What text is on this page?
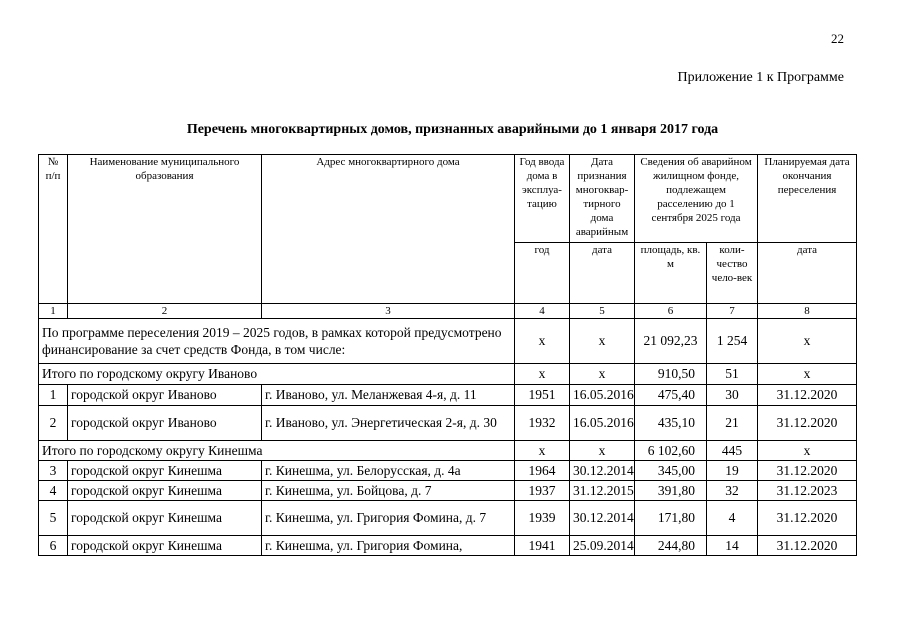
22
Приложение 1 к Программе
Перечень многоквартирных домов, признанных аварийными до 1 января 2017 года
№ п/п	Наименование муниципального образования	Адрес многоквартирного дома	Год ввода дома в эксплуа-тацию	Дата признания многоквар-тирного дома аварийным	Сведения об аварийном жилищном фонде, подлежащем расселению до 1 сентября 2025 года		Планируемая дата окончания переселения
			год	дата	площадь, кв. м	коли-чество чело-век	дата
1	2	3	4	5	6	7	8
По программе переселения 2019 – 2025 годов, в рамках которой предусмотрено финансирование за счет средств Фонда, в том числе:			x	x	21 092,23	1 254	x
Итого по городскому округу Иваново			x	x	910,50	51	x
1	городской округ Иваново	г. Иваново, ул. Меланжевая 4-я, д. 11	1951	16.05.2016	475,40	30	31.12.2020
2	городской округ Иваново	г. Иваново, ул. Энергетическая 2-я, д. 30	1932	16.05.2016	435,10	21	31.12.2020
Итого по городскому округу Кинешма			x	x	6 102,60	445	x
3	городской округ Кинешма	г. Кинешма, ул. Белорусская, д. 4а	1964	30.12.2014	345,00	19	31.12.2020
4	городской округ Кинешма	г. Кинешма, ул. Бойцова, д. 7	1937	31.12.2015	391,80	32	31.12.2023
5	городской округ Кинешма	г. Кинешма, ул. Григория Фомина, д. 7	1939	30.12.2014	171,80	4	31.12.2020
6	городской округ Кинешма	г. Кинешма, ул. Григория Фомина,	1941	25.09.2014	244,80	14	31.12.2020
